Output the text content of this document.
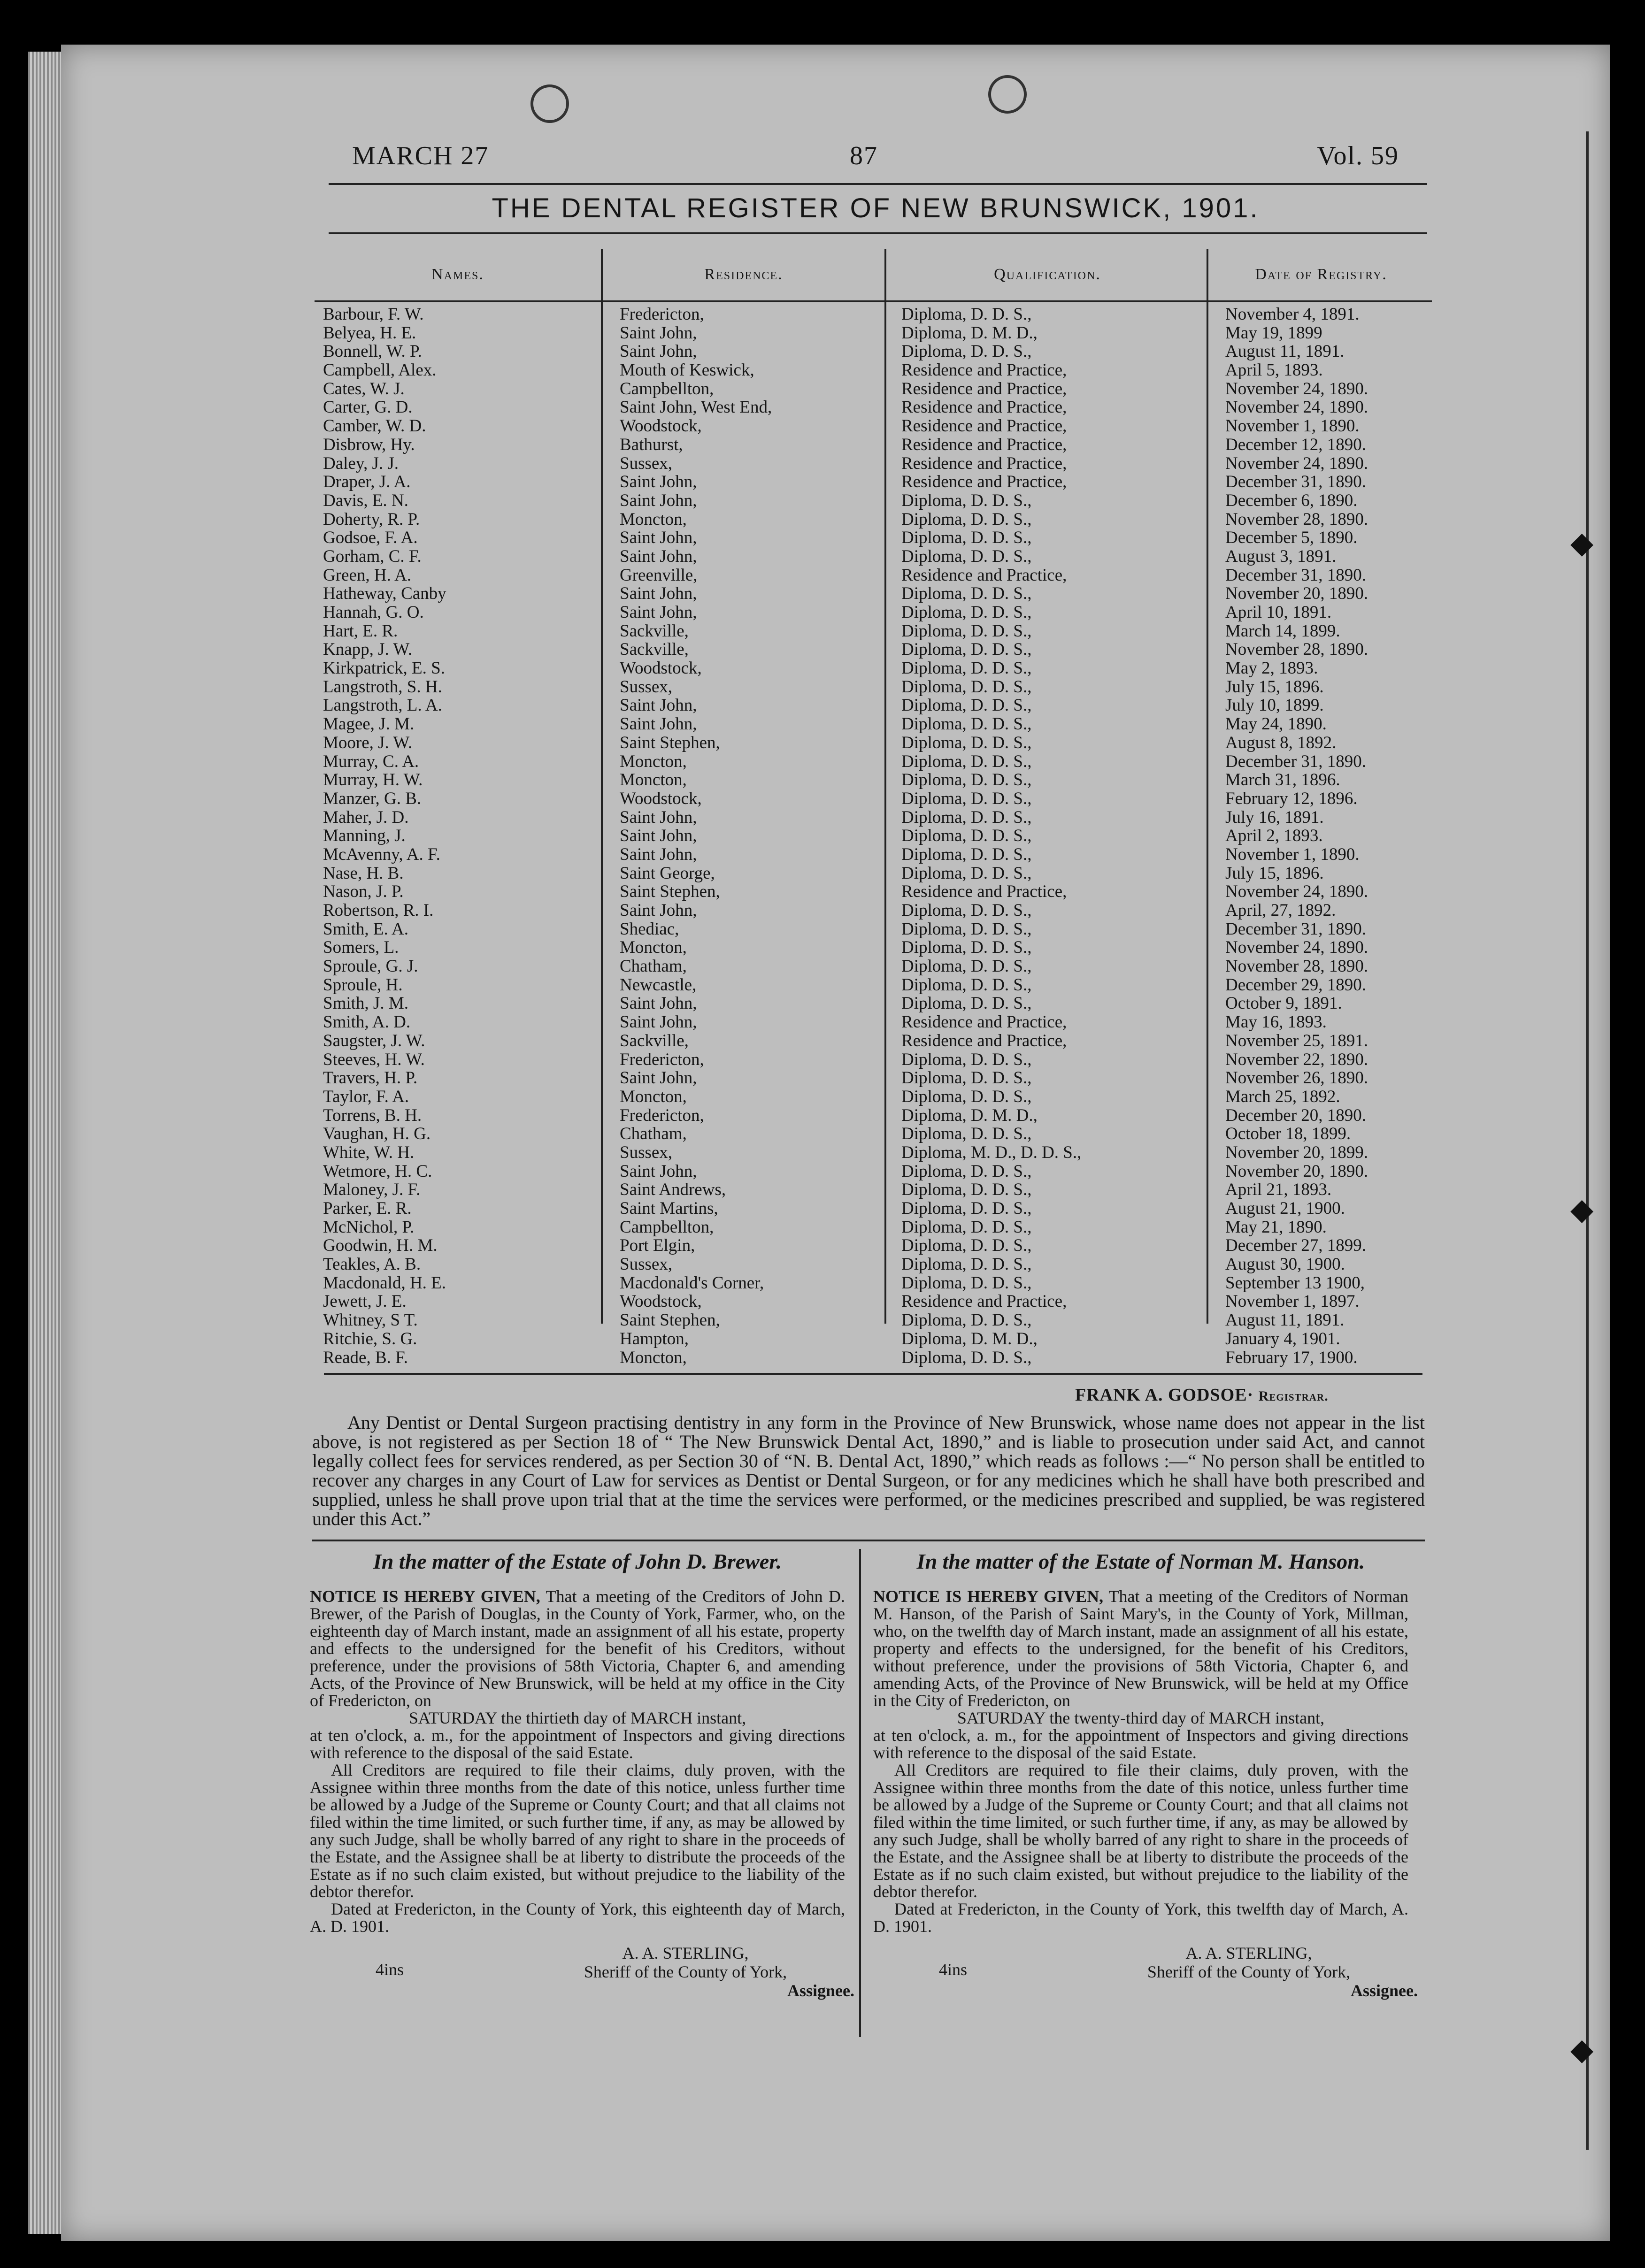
◆
◆
◆
MARCH 27	87	Vol. 59
THE DENTAL REGISTER OF NEW BRUNSWICK, 1901.
Names.	Residence.	Qualification.	Date of Registry.
Barbour, F. W.	Fredericton,	Diploma, D. D. S.,	November 4, 1891.
Belyea, H. E.	Saint John,	Diploma, D. M. D.,	May 19, 1899
Bonnell, W. P.	Saint John,	Diploma, D. D. S.,	August 11, 1891.
Campbell, Alex.	Mouth of Keswick,	Residence and Practice,	April 5, 1893.
Cates, W. J.	Campbellton,	Residence and Practice,	November 24, 1890.
Carter, G. D.	Saint John, West End,	Residence and Practice,	November 24, 1890.
Camber, W. D.	Woodstock,	Residence and Practice,	November 1, 1890.
Disbrow, Hy.	Bathurst,	Residence and Practice,	December 12, 1890.
Daley, J. J.	Sussex,	Residence and Practice,	November 24, 1890.
Draper, J. A.	Saint John,	Residence and Practice,	December 31, 1890.
Davis, E. N.	Saint John,	Diploma, D. D. S.,	December 6, 1890.
Doherty, R. P.	Moncton,	Diploma, D. D. S.,	November 28, 1890.
Godsoe, F. A.	Saint John,	Diploma, D. D. S.,	December 5, 1890.
Gorham, C. F.	Saint John,	Diploma, D. D. S.,	August 3, 1891.
Green, H. A.	Greenville,	Residence and Practice,	December 31, 1890.
Hatheway, Canby	Saint John,	Diploma, D. D. S.,	November 20, 1890.
Hannah, G. O.	Saint John,	Diploma, D. D. S.,	April 10, 1891.
Hart, E. R.	Sackville,	Diploma, D. D. S.,	March 14, 1899.
Knapp, J. W.	Sackville,	Diploma, D. D. S.,	November 28, 1890.
Kirkpatrick, E. S.	Woodstock,	Diploma, D. D. S.,	May 2, 1893.
Langstroth, S. H.	Sussex,	Diploma, D. D. S.,	July 15, 1896.
Langstroth, L. A.	Saint John,	Diploma, D. D. S.,	July 10, 1899.
Magee, J. M.	Saint John,	Diploma, D. D. S.,	May 24, 1890.
Moore, J. W.	Saint Stephen,	Diploma, D. D. S.,	August 8, 1892.
Murray, C. A.	Moncton,	Diploma, D. D. S.,	December 31, 1890.
Murray, H. W.	Moncton,	Diploma, D. D. S.,	March 31, 1896.
Manzer, G. B.	Woodstock,	Diploma, D. D. S.,	February 12, 1896.
Maher, J. D.	Saint John,	Diploma, D. D. S.,	July 16, 1891.
Manning, J.	Saint John,	Diploma, D. D. S.,	April 2, 1893.
McAvenny, A. F.	Saint John,	Diploma, D. D. S.,	November 1, 1890.
Nase, H. B.	Saint George,	Diploma, D. D. S.,	July 15, 1896.
Nason, J. P.	Saint Stephen,	Residence and Practice,	November 24, 1890.
Robertson, R. I.	Saint John,	Diploma, D. D. S.,	April, 27, 1892.
Smith, E. A.	Shediac,	Diploma, D. D. S.,	December 31, 1890.
Somers, L.	Moncton,	Diploma, D. D. S.,	November 24, 1890.
Sproule, G. J.	Chatham,	Diploma, D. D. S.,	November 28, 1890.
Sproule, H.	Newcastle,	Diploma, D. D. S.,	December 29, 1890.
Smith, J. M.	Saint John,	Diploma, D. D. S.,	October 9, 1891.
Smith, A. D.	Saint John,	Residence and Practice,	May 16, 1893.
Saugster, J. W.	Sackville,	Residence and Practice,	November 25, 1891.
Steeves, H. W.	Fredericton,	Diploma, D. D. S.,	November 22, 1890.
Travers, H. P.	Saint John,	Diploma, D. D. S.,	November 26, 1890.
Taylor, F. A.	Moncton,	Diploma, D. D. S.,	March 25, 1892.
Torrens, B. H.	Fredericton,	Diploma, D. M. D.,	December 20, 1890.
Vaughan, H. G.	Chatham,	Diploma, D. D. S.,	October 18, 1899.
White, W. H.	Sussex,	Diploma, M. D., D. D. S.,	November 20, 1899.
Wetmore, H. C.	Saint John,	Diploma, D. D. S.,	November 20, 1890.
Maloney, J. F.	Saint Andrews,	Diploma, D. D. S.,	April 21, 1893.
Parker, E. R.	Saint Martins,	Diploma, D. D. S.,	August 21, 1900.
McNichol, P.	Campbellton,	Diploma, D. D. S.,	May 21, 1890.
Goodwin, H. M.	Port Elgin,	Diploma, D. D. S.,	December 27, 1899.
Teakles, A. B.	Sussex,	Diploma, D. D. S.,	August 30, 1900.
Macdonald, H. E.	Macdonald's Corner,	Diploma, D. D. S.,	September 13 1900,
Jewett, J. E.	Woodstock,	Residence and Practice,	November 1, 1897.
Whitney, S T.	Saint Stephen,	Diploma, D. D. S.,	August 11, 1891.
Ritchie, S. G.	Hampton,	Diploma, D. M. D.,	January 4, 1901.
Reade, B. F.	Moncton,	Diploma, D. D. S.,	February 17, 1900.
FRANK A. GODSOE· Registrar.
Any Dentist or Dental Surgeon practising dentistry in any form in the Province of New Brunswick, whose name does not appear in the list above, is not registered as per Section 18 of “ The New Brunswick Dental Act, 1890,” and is liable to prosecution under said Act, and cannot legally collect fees for services rendered, as per Section 30 of “N. B. Dental Act, 1890,” which reads as follows :—“ No person shall be entitled to recover any charges in any Court of Law for services as Dentist or Dental Surgeon, or for any medicines which he shall have both prescribed and supplied, unless he shall prove upon trial that at the time the services were performed, or the medicines prescribed and supplied, be was registered under this Act.”
In the matter of the Estate of John D. Brewer.

NOTICE IS HEREBY GIVEN, That a meeting of the Creditors of John D. Brewer, of the Parish of Douglas, in the County of York, Farmer, who, on the eighteenth day of March instant, made an assignment of all his estate, property and effects to the undersigned for the benefit of his Creditors, without preference, under the provisions of 58th Victoria, Chapter 6, and amending Acts, of the Province of New Brunswick, will be held at my office in the City of Fredericton, on

SATURDAY the thirtieth day of MARCH instant,

at ten o'clock, a. m., for the appointment of Inspectors and giving directions with reference to the disposal of the said Estate.

All Creditors are required to file their claims, duly proven, with the Assignee within three months from the date of this notice, unless further time be allowed by a Judge of the Supreme or County Court; and that all claims not filed within the time limited, or such further time, if any, as may be allowed by any such Judge, shall be wholly barred of any right to share in the proceeds of the Estate, and the Assignee shall be at liberty to distribute the proceeds of the Estate as if no such claim existed, but without prejudice to the liability of the debtor therefor.

Dated at Fredericton, in the County of York, this eighteenth day of March, A. D. 1901.

4ins
A. A. STERLING,
Sheriff of the County of York,
Assignee.
In the matter of the Estate of Norman M. Hanson.

NOTICE IS HEREBY GIVEN, That a meeting of the Creditors of Norman M. Hanson, of the Parish of Saint Mary's, in the County of York, Millman, who, on the twelfth day of March instant, made an assignment of all his estate, property and effects to the undersigned, for the benefit of his Creditors, without preference, under the provisions of 58th Victoria, Chapter 6, and amending Acts, of the Province of New Brunswick, will be held at my Office in the City of Fredericton, on

SATURDAY the twenty-third day of MARCH instant,

at ten o'clock, a. m., for the appointment of Inspectors and giving directions with reference to the disposal of the said Estate.

All Creditors are required to file their claims, duly proven, with the Assignee within three months from the date of this notice, unless further time be allowed by a Judge of the Supreme or County Court; and that all claims not filed within the time limited, or such further time, if any, as may be allowed by any such Judge, shall be wholly barred of any right to share in the proceeds of the Estate, and the Assignee shall be at liberty to distribute the proceeds of the Estate as if no such claim existed, but without prejudice to the liability of the debtor therefor.

Dated at Fredericton, in the County of York, this twelfth day of March, A. D. 1901.

4ins
A. A. STERLING,
Sheriff of the County of York,
Assignee.
